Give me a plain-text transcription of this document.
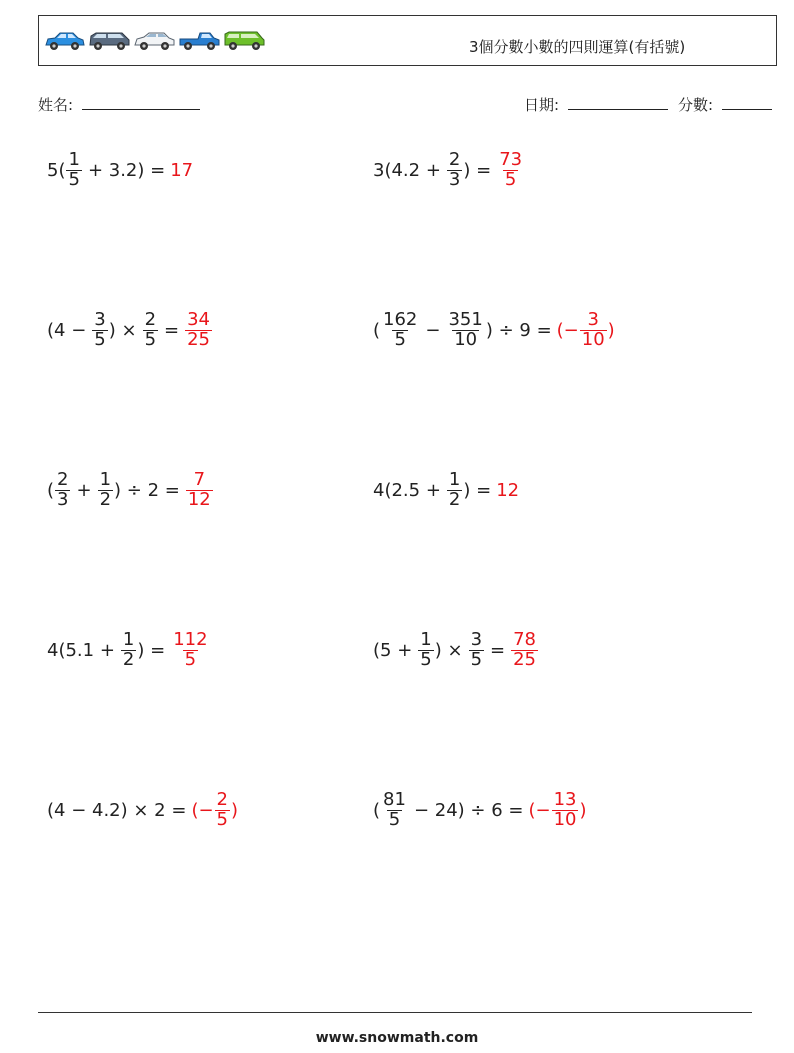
3個分數小數的四則運算(有括號)
姓名:	日期:	分數:
$5( \frac{1}{5} + 3.2) = 17$	$3(4.2 + \frac{2}{3}$ ) = $\frac{73}{5}$
($4 - \frac{3}{5}$ ) × $\frac{2}{5} = \frac{34}{25}$	( $\frac{162}{5} - \frac{351}{10}$ ) ÷ 9 = (− $\frac{3}{10}$ )
( $\frac{2}{3} + \frac{1}{2}$ ) ÷ $2 = \frac{7}{12}$	$4(2.5 + \frac{1}{2}$ ) = 12
$4(5.1 + \frac{1}{2}$ ) = $\frac{112}{5}$	($5 + \frac{1}{5}$ ) × $\frac{3}{5} = \frac{78}{25}$
(4 − 4.2) × 2 = (− $\frac{2}{5}$ )	( $\frac{81}{5} - 24) \div 6$ = (− $\frac{13}{10}$ )
www.snowmath.com
